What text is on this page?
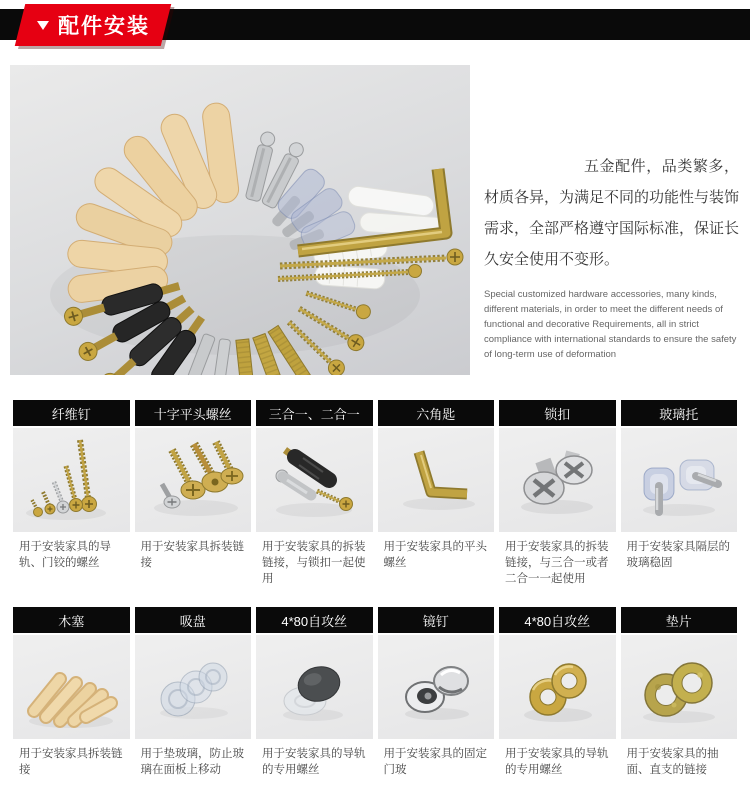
配件安装

五金配件，品类繁多，材质各异，为满足不同的功能性与装饰需求，全部严格遵守国际标准，保证长久安全使用不变形。

Special customized hardware accessories, many kinds, different materials, in order to meet the different needs of functional and decorative Requirements, all in strict compliance with international standards to ensure the safety of long-term use of deformation

纤维钉
用于安装家具的导轨、门铰的螺丝
十字平头螺丝
用于安装家具拆装链接
三合一、二合一
用于安装家具的拆装链接，与锁扣一起使用
六角匙
用于安装家具的平头螺丝
锁扣
用于安装家具的拆装链接，与三合一或者二合一一起使用
玻璃托
用于安装家具隔层的玻璃稳固
木塞
用于安装家具拆装链接
吸盘
用于垫玻璃，防止玻璃在面板上移动
4*80自攻丝
用于安装家具的导轨的专用螺丝
镜钉
用于安装家具的固定门玻
4*80自攻丝
用于安装家具的导轨的专用螺丝
垫片
用于安装家具的抽面、直支的链接
